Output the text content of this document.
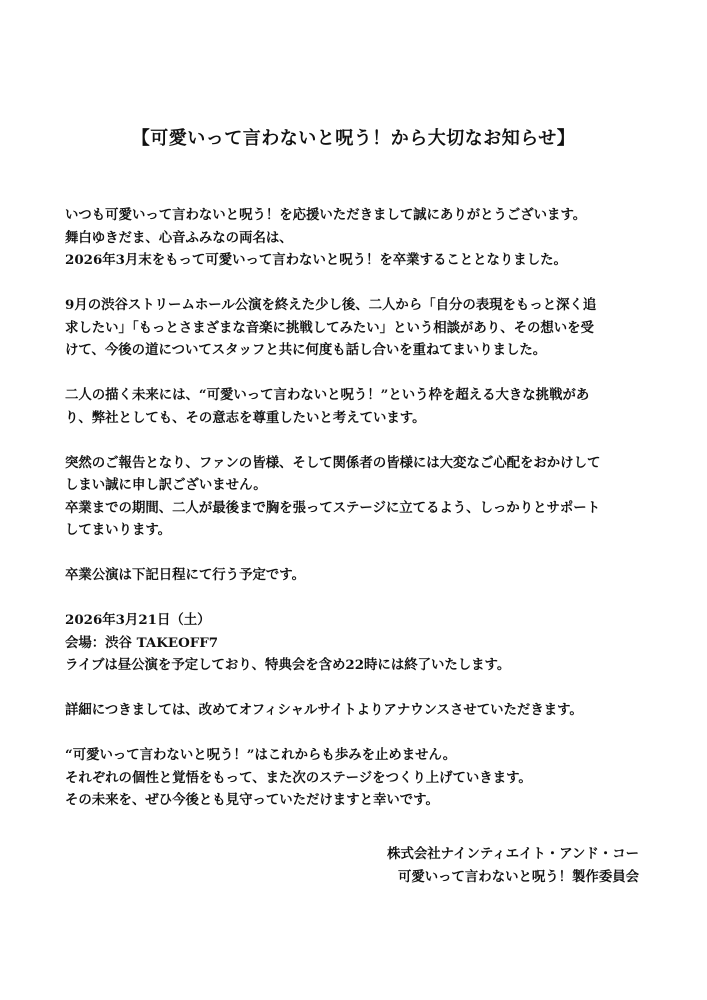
【可愛いって言わないと呪う！から大切なお知らせ】
いつも可愛いって言わないと呪う！を応援いただきまして誠にありがとうございます。
舞白ゆきだま、心音ふみなの両名は、
2026年3月末をもって可愛いって言わないと呪う！を卒業することとなりました。
9月の渋谷ストリームホール公演を終えた少し後、二人から「自分の表現をもっと深く追
求したい」「もっとさまざまな音楽に挑戦してみたい」という相談があり、その想いを受
けて、今後の道についてスタッフと共に何度も話し合いを重ねてまいりました。
二人の描く未来には、“可愛いって言わないと呪う！”という枠を超える大きな挑戦があ
り、弊社としても、その意志を尊重したいと考えています。
突然のご報告となり、ファンの皆様、そして関係者の皆様には大変なご心配をおかけして
しまい誠に申し訳ございません。
卒業までの期間、二人が最後まで胸を張ってステージに立てるよう、しっかりとサポート
してまいります。
卒業公演は下記日程にて行う予定です。
2026年3月21日（土）
会場：渋谷 TAKEOFF7
ライブは昼公演を予定しており、特典会を含め22時には終了いたします。
詳細につきましては、改めてオフィシャルサイトよりアナウンスさせていただきます。
“可愛いって言わないと呪う！”はこれからも歩みを止めません。
それぞれの個性と覚悟をもって、また次のステージをつくり上げていきます。
その未来を、ぜひ今後とも見守っていただけますと幸いです。
株式会社ナインティエイト・アンド・コー
可愛いって言わないと呪う！製作委員会
